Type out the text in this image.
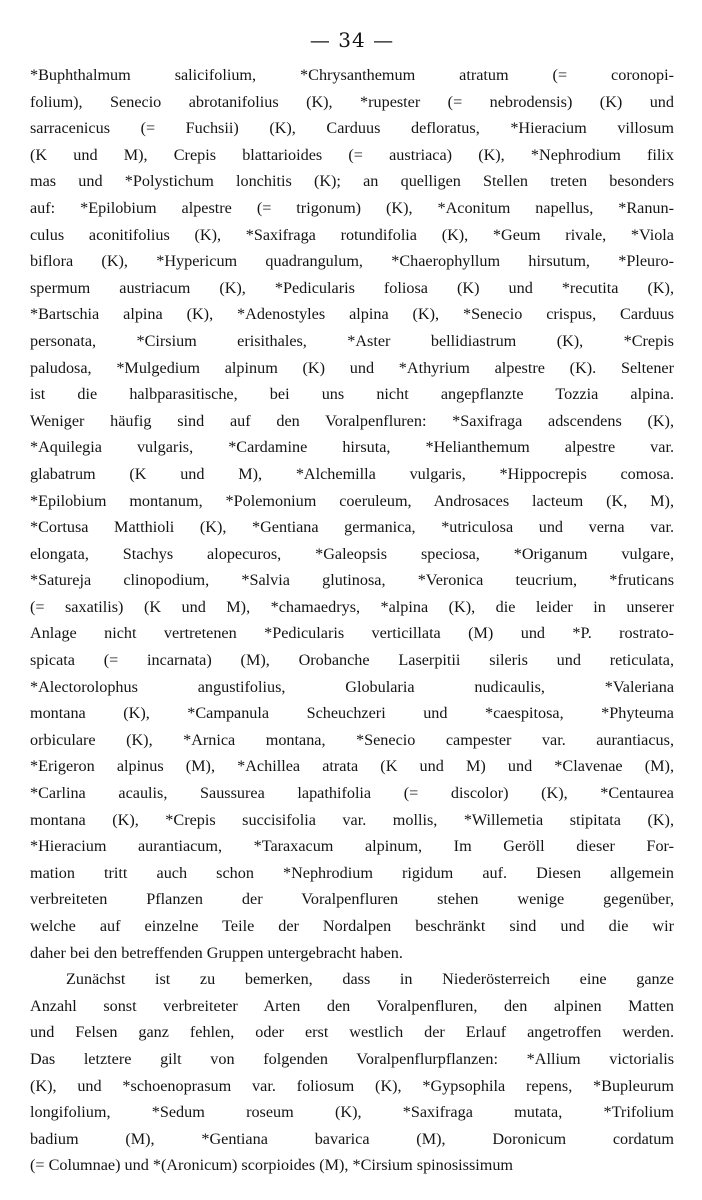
— 34 —
*Buphthalmum salicifolium, *Chrysanthemum atratum (= coronopi-
folium), Senecio abrotanifolius (K), *rupester (= nebrodensis) (K) und
sarracenicus (= Fuchsii) (K), Carduus defloratus, *Hieracium villosum
(K und M), Crepis blattarioides (= austriaca) (K), *Nephrodium filix
mas und *Polystichum lonchitis (K); an quelligen Stellen treten besonders
auf: *Epilobium alpestre (= trigonum) (K), *Aconitum napellus, *Ranun-
culus aconitifolius (K), *Saxifraga rotundifolia (K), *Geum rivale, *Viola
biflora (K), *Hypericum quadrangulum, *Chaerophyllum hirsutum, *Pleuro-
spermum austriacum (K), *Pedicularis foliosa (K) und *recutita (K),
*Bartschia alpina (K), *Adenostyles alpina (K), *Senecio crispus, Carduus
personata, *Cirsium erisithales, *Aster bellidiastrum (K), *Crepis
paludosa, *Mulgedium alpinum (K) und *Athyrium alpestre (K). Seltener
ist die halbparasitische, bei uns nicht angepflanzte Tozzia alpina.
Weniger häufig sind auf den Voralpenfluren: *Saxifraga adscendens (K),
*Aquilegia vulgaris, *Cardamine hirsuta, *Helianthemum alpestre var.
glabatrum (K und M), *Alchemilla vulgaris, *Hippocrepis comosa.
*Epilobium montanum, *Polemonium coeruleum, Androsaces lacteum (K, M),
*Cortusa Matthioli (K), *Gentiana germanica, *utriculosa und verna var.
elongata, Stachys alopecuros, *Galeopsis speciosa, *Origanum vulgare,
*Satureja clinopodium, *Salvia glutinosa, *Veronica teucrium, *fruticans
(= saxatilis) (K und M), *chamaedrys, *alpina (K), die leider in unserer
Anlage nicht vertretenen *Pedicularis verticillata (M) und *P. rostrato-
spicata (= incarnata) (M), Orobanche Laserpitii sileris und reticulata,
*Alectorolophus angustifolius, Globularia nudicaulis, *Valeriana
montana (K), *Campanula Scheuchzeri und *caespitosa, *Phyteuma
orbiculare (K), *Arnica montana, *Senecio campester var. aurantiacus,
*Erigeron alpinus (M), *Achillea atrata (K und M) und *Clavenae (M),
*Carlina acaulis, Saussurea lapathifolia (= discolor) (K), *Centaurea
montana (K), *Crepis succisifolia var. mollis, *Willemetia stipitata (K),
*Hieracium aurantiacum, *Taraxacum alpinum, Im Geröll dieser For-
mation tritt auch schon *Nephrodium rigidum auf. Diesen allgemein
verbreiteten Pflanzen der Voralpenfluren stehen wenige gegenüber,
welche auf einzelne Teile der Nordalpen beschränkt sind und die wir
daher bei den betreffenden Gruppen untergebracht haben.
Zunächst ist zu bemerken, dass in Niederösterreich eine ganze
Anzahl sonst verbreiteter Arten den Voralpenfluren, den alpinen Matten
und Felsen ganz fehlen, oder erst westlich der Erlauf angetroffen werden.
Das letztere gilt von folgenden Voralpenflurpflanzen: *Allium victorialis
(K), und *schoenoprasum var. foliosum (K), *Gypsophila repens, *Bupleurum
longifolium, *Sedum roseum (K), *Saxifraga mutata, *Trifolium
badium (M), *Gentiana bavarica (M), Doronicum cordatum
(= Columnae) und *(Aronicum) scorpioides (M), *Cirsium spinosissimum
